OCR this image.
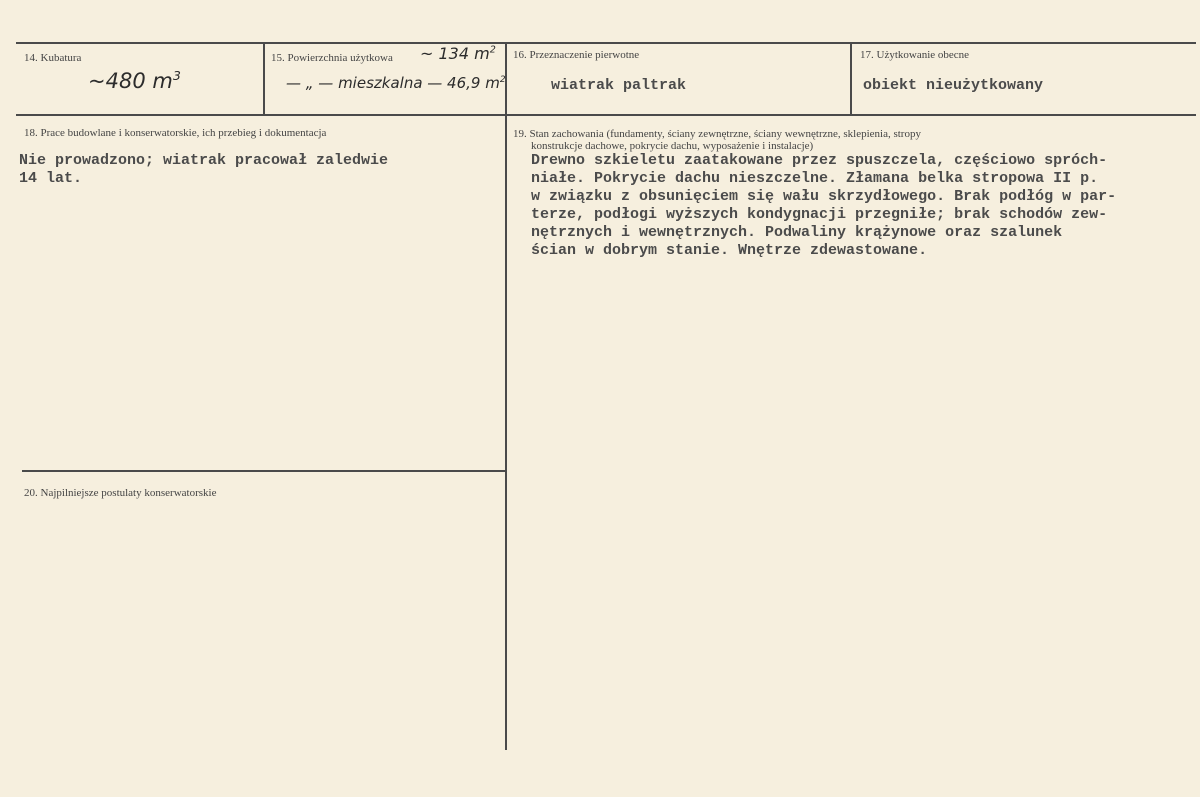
14. Kubatura
~480 $m^3$
15. Powierzchnia użytkowa ~ 134 $m^2$
— „ — mieszkalna — 46,9 $m^2$
16. Przeznaczenie pierwotne
wiatrak paltrak
17. Użytkowanie obecne
obiekt nieużytkowany
18. Prace budowlane i konserwatorskie, ich przebieg i dokumentacja
Nie prowadzono; wiatrak pracował zaledwie
14 lat.
19. Stan zachowania (fundamenty, ściany zewnętrzne, ściany wewnętrzne, sklepienia, stropy
konstrukcje dachowe, pokrycie dachu, wyposażenie i instalacje)
Drewno szkieletu zaatakowane przez spuszczela, częściowo spróch-
niałe. Pokrycie dachu nieszczelne. Złamana belka stropowa II p.
w związku z obsunięciem się wału skrzydłowego. Brak podłóg w par-
terze, podłogi wyższych kondygnacji przegniłe; brak schodów zew-
nętrznych i wewnętrznych. Podwaliny krążynowe oraz szalunek
ścian w dobrym stanie. Wnętrze zdewastowane.
20. Najpilniejsze postulaty konserwatorskie
